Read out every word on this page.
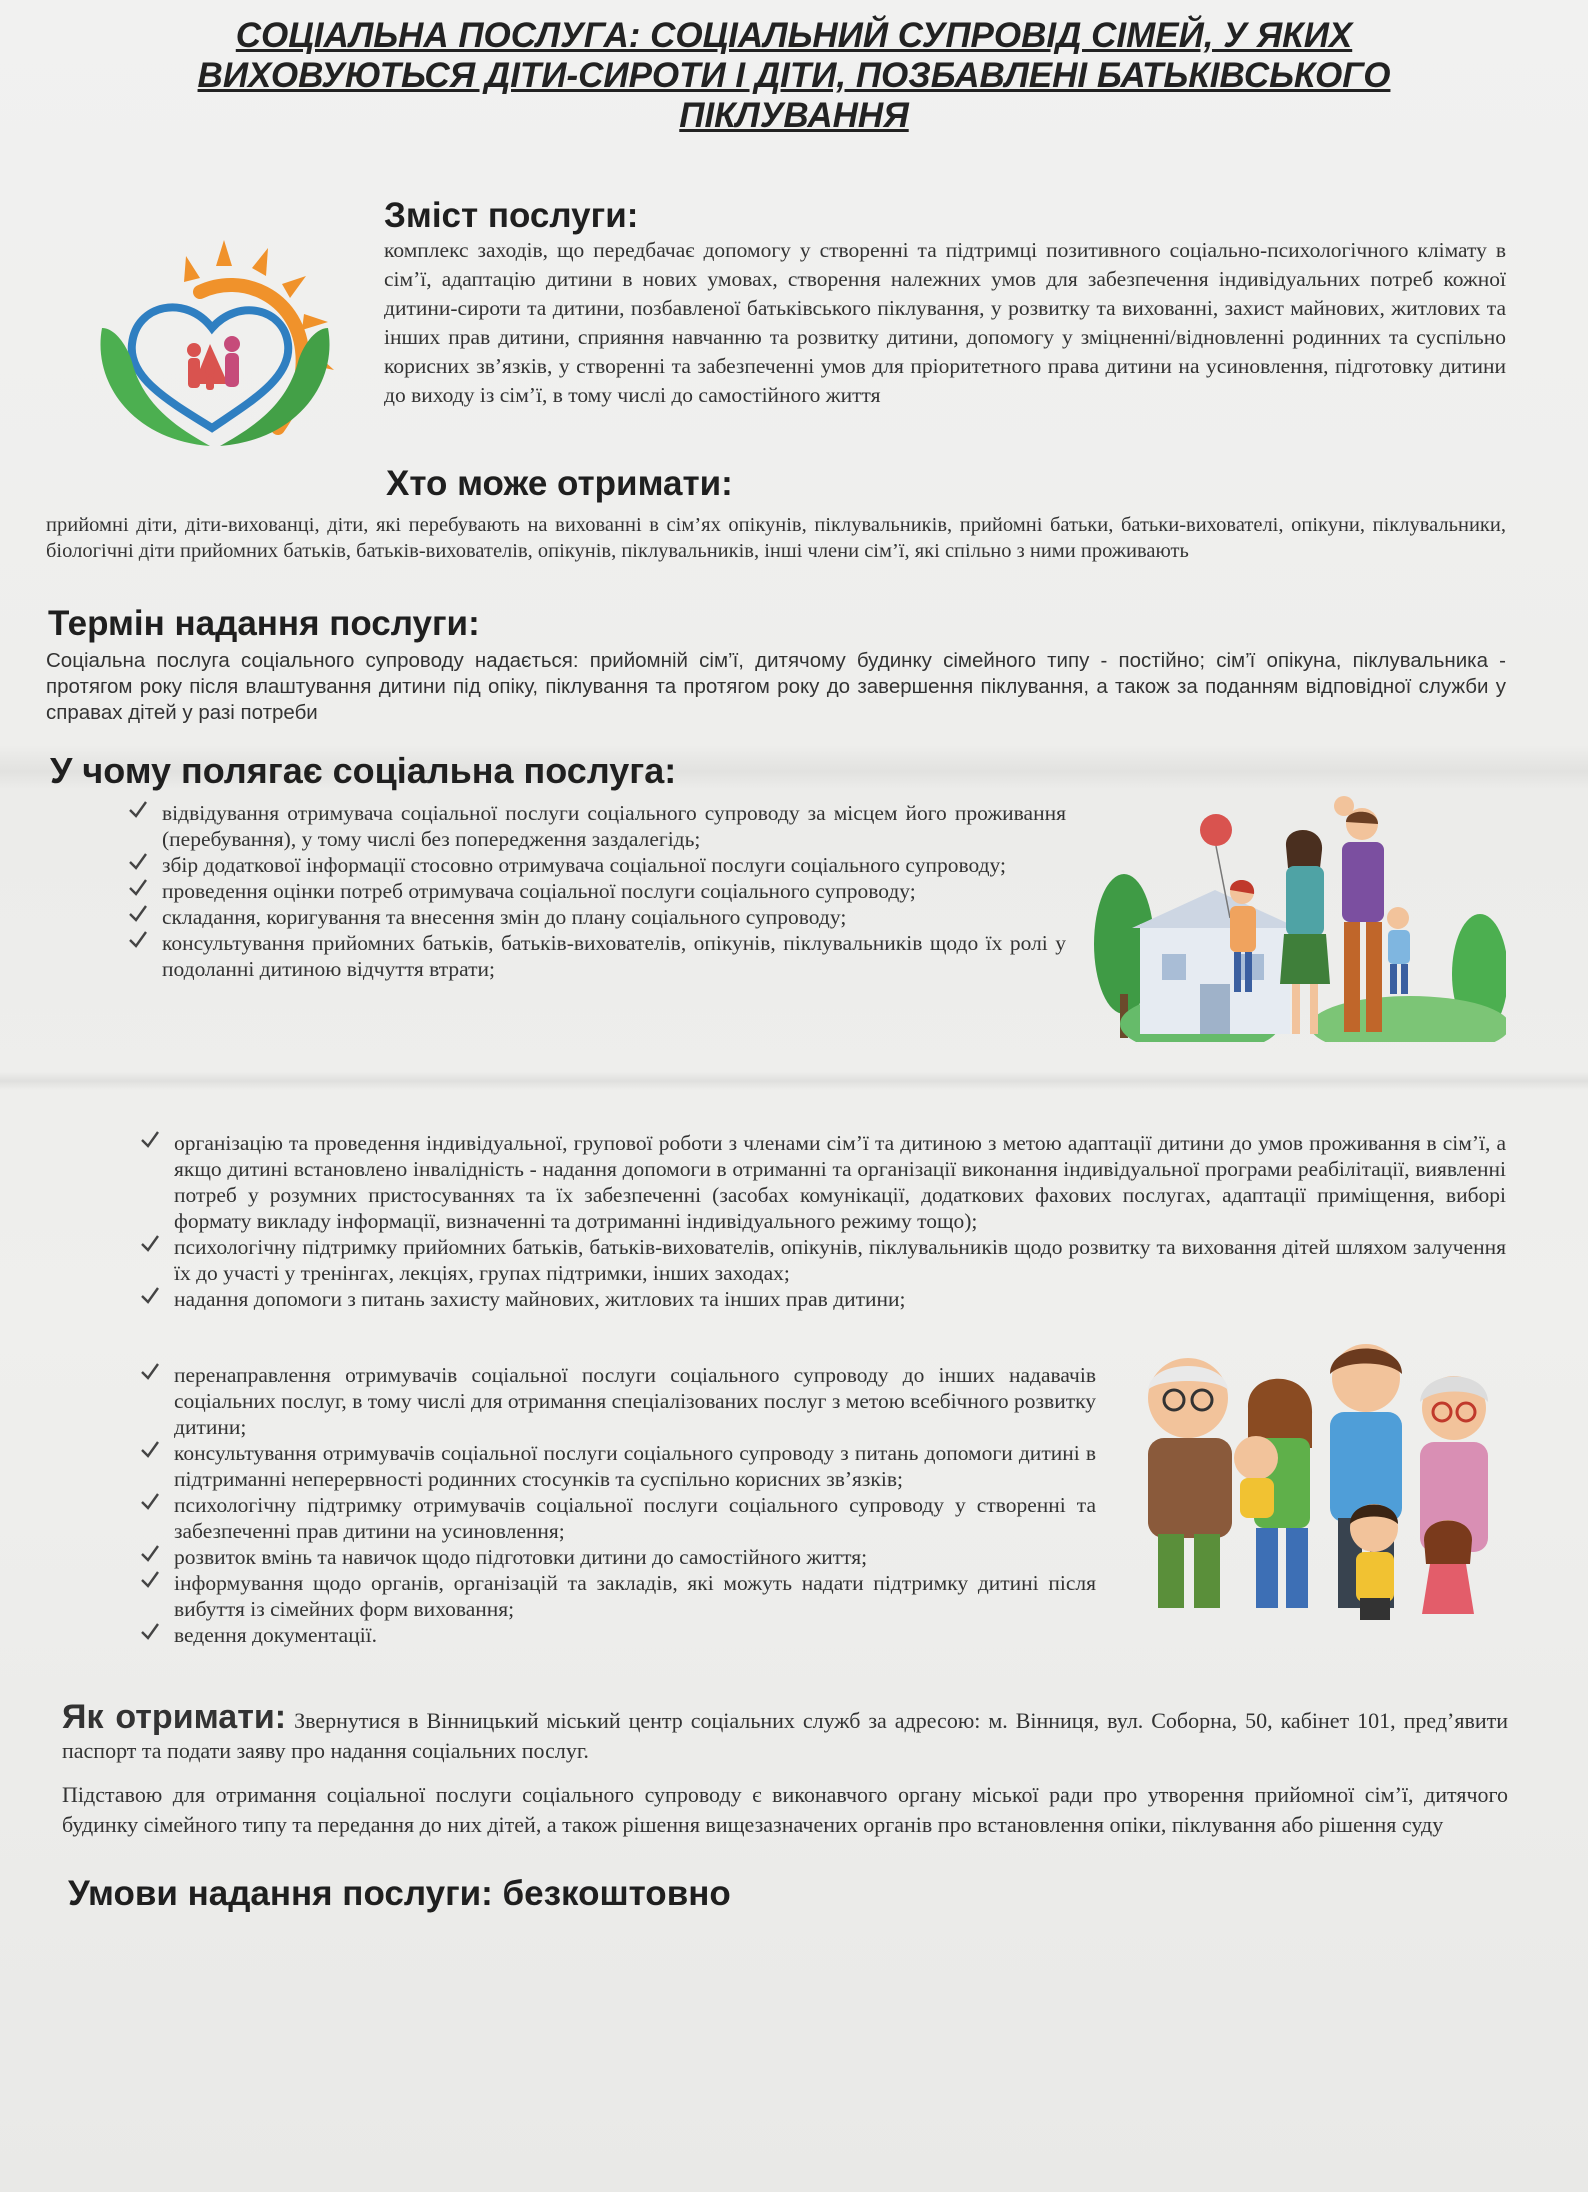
СОЦІАЛЬНА ПОСЛУГА: СОЦІАЛЬНИЙ СУПРОВІД СІМЕЙ, У ЯКИХ ВИХОВУЮТЬСЯ ДІТИ-СИРОТИ І ДІТИ, ПОЗБАВЛЕНІ БАТЬКІВСЬКОГО ПІКЛУВАННЯ
Зміст послуги:
комплекс заходів, що передбачає допомогу у створенні та підтримці позитивного соціально-психологічного клімату в сім’ї, адаптацію дитини в нових умовах, створення належних умов для забезпечення індивідуальних потреб кожної дитини-сироти та дитини, позбавленої батьківського піклування, у розвитку та вихованні, захист майнових, житлових та інших прав дитини, сприяння навчанню та розвитку дитини, допомогу у зміцненні/відновленні родинних та суспільно корисних зв’язків, у створенні та забезпеченні умов для пріоритетного права дитини на усиновлення, підготовку дитини до виходу із сім’ї, в тому числі до самостійного життя
Хто може отримати:
прийомні діти, діти-вихованці, діти, які перебувають на вихованні в сім’ях опікунів, піклувальників, прийомні батьки, батьки-вихователі, опікуни, піклувальники, біологічні діти прийомних батьків, батьків-вихователів, опікунів, піклувальників, інші члени сім’ї, які спільно з ними проживають
Термін надання послуги:
Соціальна послуга соціального супроводу надається: прийомній сім’ї, дитячому будинку сімейного типу - постійно; сім’ї опікуна, піклувальника - протягом року після влаштування дитини під опіку, піклування та протягом року до завершення піклування, а також за поданням відповідної служби у справах дітей у разі потреби
У чому полягає соціальна послуга:
відвідування отримувача соціальної послуги соціального супроводу за місцем його проживання (перебування), у тому числі без попередження заздалегідь;
збір додаткової інформації стосовно отримувача соціальної послуги соціального супроводу;
проведення оцінки потреб отримувача соціальної послуги соціального супроводу;
складання, коригування та внесення змін до плану соціального супроводу;
консультування прийомних батьків, батьків-вихователів, опікунів, піклувальників щодо їх ролі у подоланні дитиною відчуття втрати;
організацію та проведення індивідуальної, групової роботи з членами сім’ї та дитиною з метою адаптації дитини до умов проживання в сім’ї, а якщо дитині встановлено інвалідність - надання допомоги в отриманні та організації виконання індивідуальної програми реабілітації, виявленні потреб у розумних пристосуваннях та їх забезпеченні (засобах комунікації, додаткових фахових послугах, адаптації приміщення, виборі формату викладу інформації, визначенні та дотриманні індивідуального режиму тощо);
психологічну підтримку прийомних батьків, батьків-вихователів, опікунів, піклувальників щодо розвитку та виховання дітей шляхом залучення їх до участі у тренінгах, лекціях, групах підтримки, інших заходах;
надання допомоги з питань захисту майнових, житлових та інших прав дитини;
перенаправлення отримувачів соціальної послуги соціального супроводу до інших надавачів соціальних послуг, в тому числі для отримання спеціалізованих послуг з метою всебічного розвитку дитини;
консультування отримувачів соціальної послуги соціального супроводу з питань допомоги дитині в підтриманні неперервності родинних стосунків та суспільно корисних зв’язків;
психологічну підтримку отримувачів соціальної послуги соціального супроводу у створенні та забезпеченні прав дитини на усиновлення;
розвиток вмінь та навичок щодо підготовки дитини до самостійного життя;
інформування щодо органів, організацій та закладів, які можуть надати підтримку дитині після вибуття із сімейних форм виховання;
ведення документації.
Як отримати: Звернутися в Вінницький міський центр соціальних служб за адресою: м. Вінниця, вул. Соборна, 50, кабінет 101, пред’явити паспорт та подати заяву про надання соціальних послуг.
Підставою для отримання соціальної послуги соціального супроводу є виконавчого органу міської ради про утворення прийомної сім’ї, дитячого будинку сімейного типу та передання до них дітей, а також рішення вищезазначених органів про встановлення опіки, піклування або рішення суду
Умови надання послуги: безкоштовно
